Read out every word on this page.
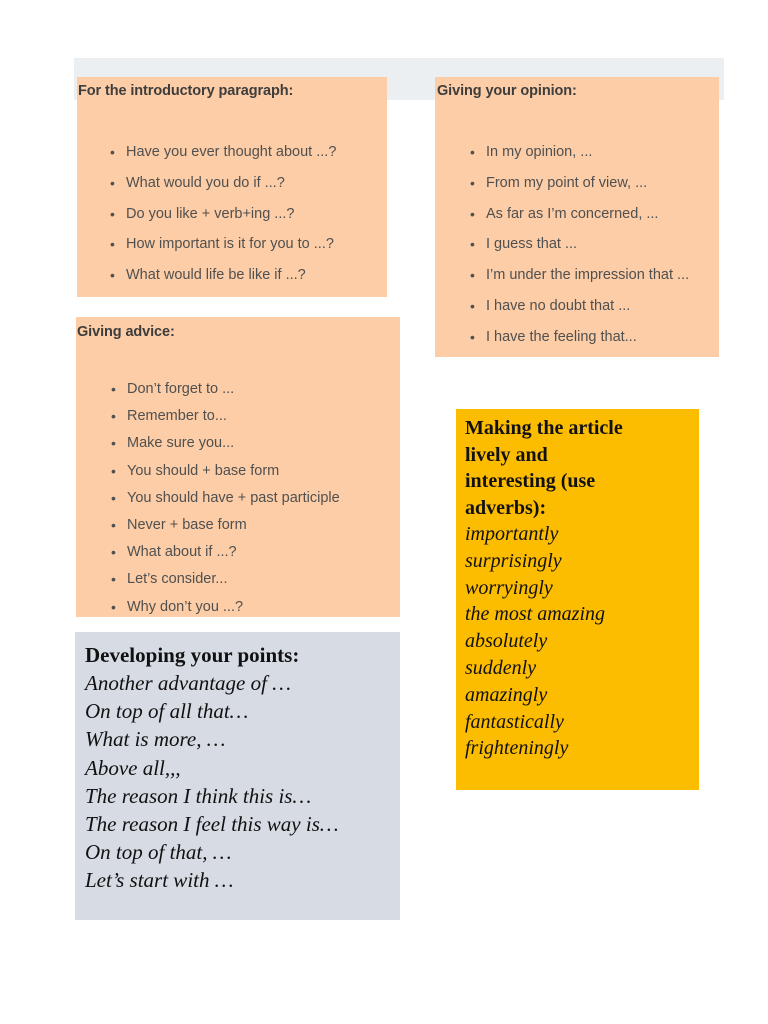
For the introductory paragraph:
• Have you ever thought about ...?
• What would you do if ...?
• Do you like + verb+ing ...?
• How important is it for you to ...?
• What would life be like if ...?
Giving your opinion:
• In my opinion, ...
• From my point of view, ...
• As far as I’m concerned, ...
• I guess that ...
• I’m under the impression that ...
• I have no doubt that ...
• I have the feeling that...
Giving advice:
• Don’t forget to ...
• Remember to...
• Make sure you...
• You should + base form
• You should have + past participle
• Never + base form
• What about if ...?
• Let’s consider...
• Why don’t you ...?
Developing your points:
Another advantage of …
On top of all that…
What is more, …
Above all,,,
The reason I think this is…
The reason I feel this way is…
On top of that, …
Let’s start with …
Making the article
lively and
interesting (use
adverbs):
importantly
surprisingly
worryingly
the most amazing
absolutely
suddenly
amazingly
fantastically
frighteningly
